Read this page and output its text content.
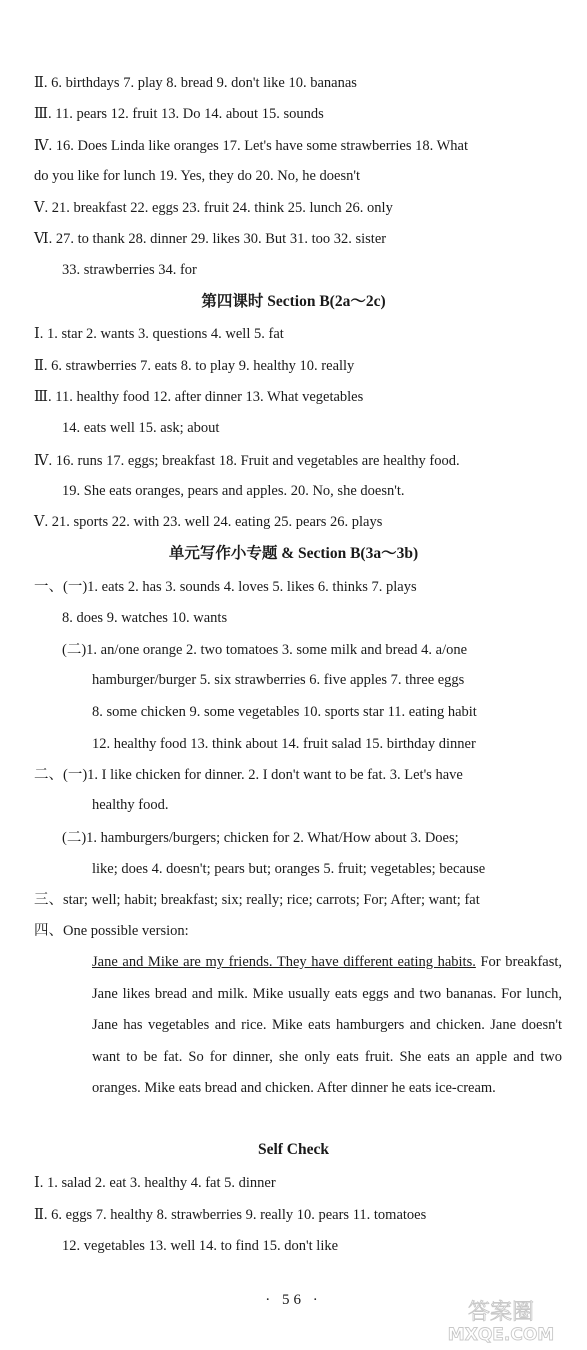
Ⅱ. 6. birthdays 7. play 8. bread 9. don't like 10. bananas
Ⅲ. 11. pears 12. fruit 13. Do 14. about 15. sounds
Ⅳ. 16. Does Linda like oranges 17. Let's have some strawberries 18. What
do you like for lunch 19. Yes, they do 20. No, he doesn't
Ⅴ. 21. breakfast 22. eggs 23. fruit 24. think 25. lunch 26. only
Ⅵ. 27. to thank 28. dinner 29. likes 30. But 31. too 32. sister
33. strawberries 34. for
第四课时 Section B(2a～2c)
Ⅰ. 1. star 2. wants 3. questions 4. well 5. fat
Ⅱ. 6. strawberries 7. eats 8. to play 9. healthy 10. really
Ⅲ. 11. healthy food 12. after dinner 13. What vegetables
14. eats well 15. ask; about
Ⅳ. 16. runs 17. eggs; breakfast 18. Fruit and vegetables are healthy food.
19. She eats oranges, pears and apples. 20. No, she doesn't.
Ⅴ. 21. sports 22. with 23. well 24. eating 25. pears 26. plays
单元写作小专题 & Section B(3a～3b)
一、(一)1. eats 2. has 3. sounds 4. loves 5. likes 6. thinks 7. plays
8. does 9. watches 10. wants
(二)1. an/one orange 2. two tomatoes 3. some milk and bread 4. a/one
hamburger/burger 5. six strawberries 6. five apples 7. three eggs
8. some chicken 9. some vegetables 10. sports star 11. eating habit
12. healthy food 13. think about 14. fruit salad 15. birthday dinner
二、(一)1. I like chicken for dinner. 2. I don't want to be fat. 3. Let's have
healthy food.
(二)1. hamburgers/burgers; chicken for 2. What/How about 3. Does;
like; does 4. doesn't; pears but; oranges 5. fruit; vegetables; because
三、star; well; habit; breakfast; six; really; rice; carrots; For; After; want; fat
四、One possible version:
Jane and Mike are my friends. They have different eating habits. For breakfast, Jane likes bread and milk. Mike usually eats eggs and two bananas. For lunch, Jane has vegetables and rice. Mike eats hamburgers and chicken. Jane doesn't want to be fat. So for dinner, she only eats fruit. She eats an apple and two oranges. Mike eats bread and chicken. After dinner he eats ice-cream.
Self Check
Ⅰ. 1. salad 2. eat 3. healthy 4. fat 5. dinner
Ⅱ. 6. eggs 7. healthy 8. strawberries 9. really 10. pears 11. tomatoes
12. vegetables 13. well 14. to find 15. don't like
· 56 ·	答案圈
MXQE.COM
